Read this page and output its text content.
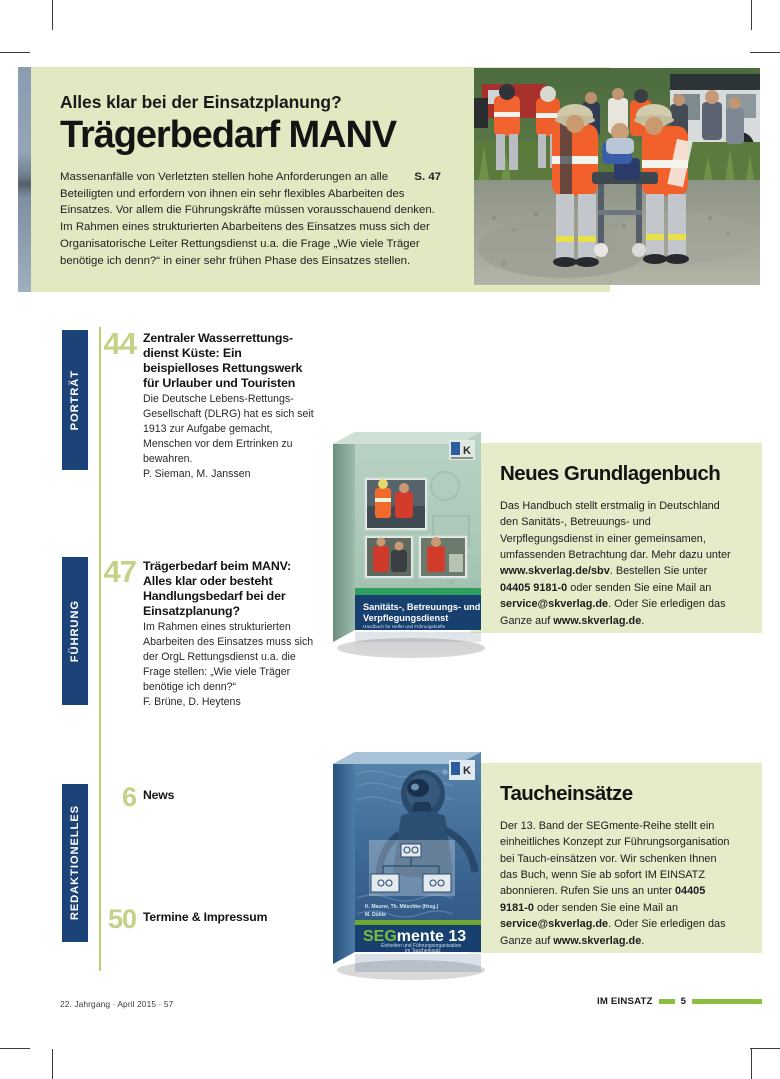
Alles klar bei der Einsatzplanung?
Trägerbedarf MANV
S. 47
Massenanfälle von Verletzten stellen hohe Anforderungen an alle Beteiligten und erfordern von ihnen ein sehr flexibles Abarbeiten des Einsatzes. Vor allem die Führungskräfte müssen vorausschauend denken. Im Rahmen eines strukturierten Abarbeitens des Einsatzes muss sich der Organisatorische Leiter Rettungsdienst u.a. die Frage „Wie viele Träger benötige ich denn?“ in einer sehr frühen Phase des Einsatzes stellen.
PORTRÄT
44 Zentraler Wasserrettungs-dienst Küste: Ein beispielloses Rettungswerk für Urlauber und Touristen
Die Deutsche Lebens-Rettungs-Gesellschaft (DLRG) hat es sich seit 1913 zur Aufgabe gemacht, Menschen vor dem Ertrinken zu bewahren.
P. Sieman, M. Janssen
FÜHRUNG
47 Trägerbedarf beim MANV: Alles klar oder besteht Handlungsbedarf bei der Einsatzplanung?
Im Rahmen eines strukturierten Abarbeiten des Einsatzes muss sich der OrgL Rettungsdienst u.a. die Frage stellen: „Wie viele Träger benötige ich denn?“
F. Brüne, D. Heytens
REDAKTIONELLES
6 News
50 Termine & Impressum
Neues Grundlagenbuch
Das Handbuch stellt erstmalig in Deutschland den Sanitäts-, Betreuungs- und Verpflegungsdienst in einer gemeinsamen, umfassenden Betrachtung dar. Mehr dazu unter www.skverlag.de/sbv. Bestellen Sie unter 04405 9181-0 oder senden Sie eine Mail an service@skverlag.de. Oder Sie erledigen das Ganze auf www.skverlag.de.
K
Sanitäts-, Betreuungs- und
Verpflegungsdienst
Handbuch für Helfer und Führungskräfte
Taucheinsätze
Der 13. Band der SEGmente-Reihe stellt ein einheitliches Konzept zur Führungsorganisation bei Tauch-einsätzen vor. Wir schenken Ihnen das Buch, wenn Sie ab sofort IM EINSATZ abonnieren. Rufen Sie uns an unter 04405 9181-0 oder senden Sie eine Mail an service@skverlag.de. Oder Sie erledigen das Ganze auf www.skverlag.de.
K. Maurer, Th. Mitschke (Hrsg.)
M. Dühls
K
SEGmente 13
Einheiten und Führungsorganisation
im Taucheinsatz
22. Jahrgang · April 2015 · 57	IM EINSATZ	5
